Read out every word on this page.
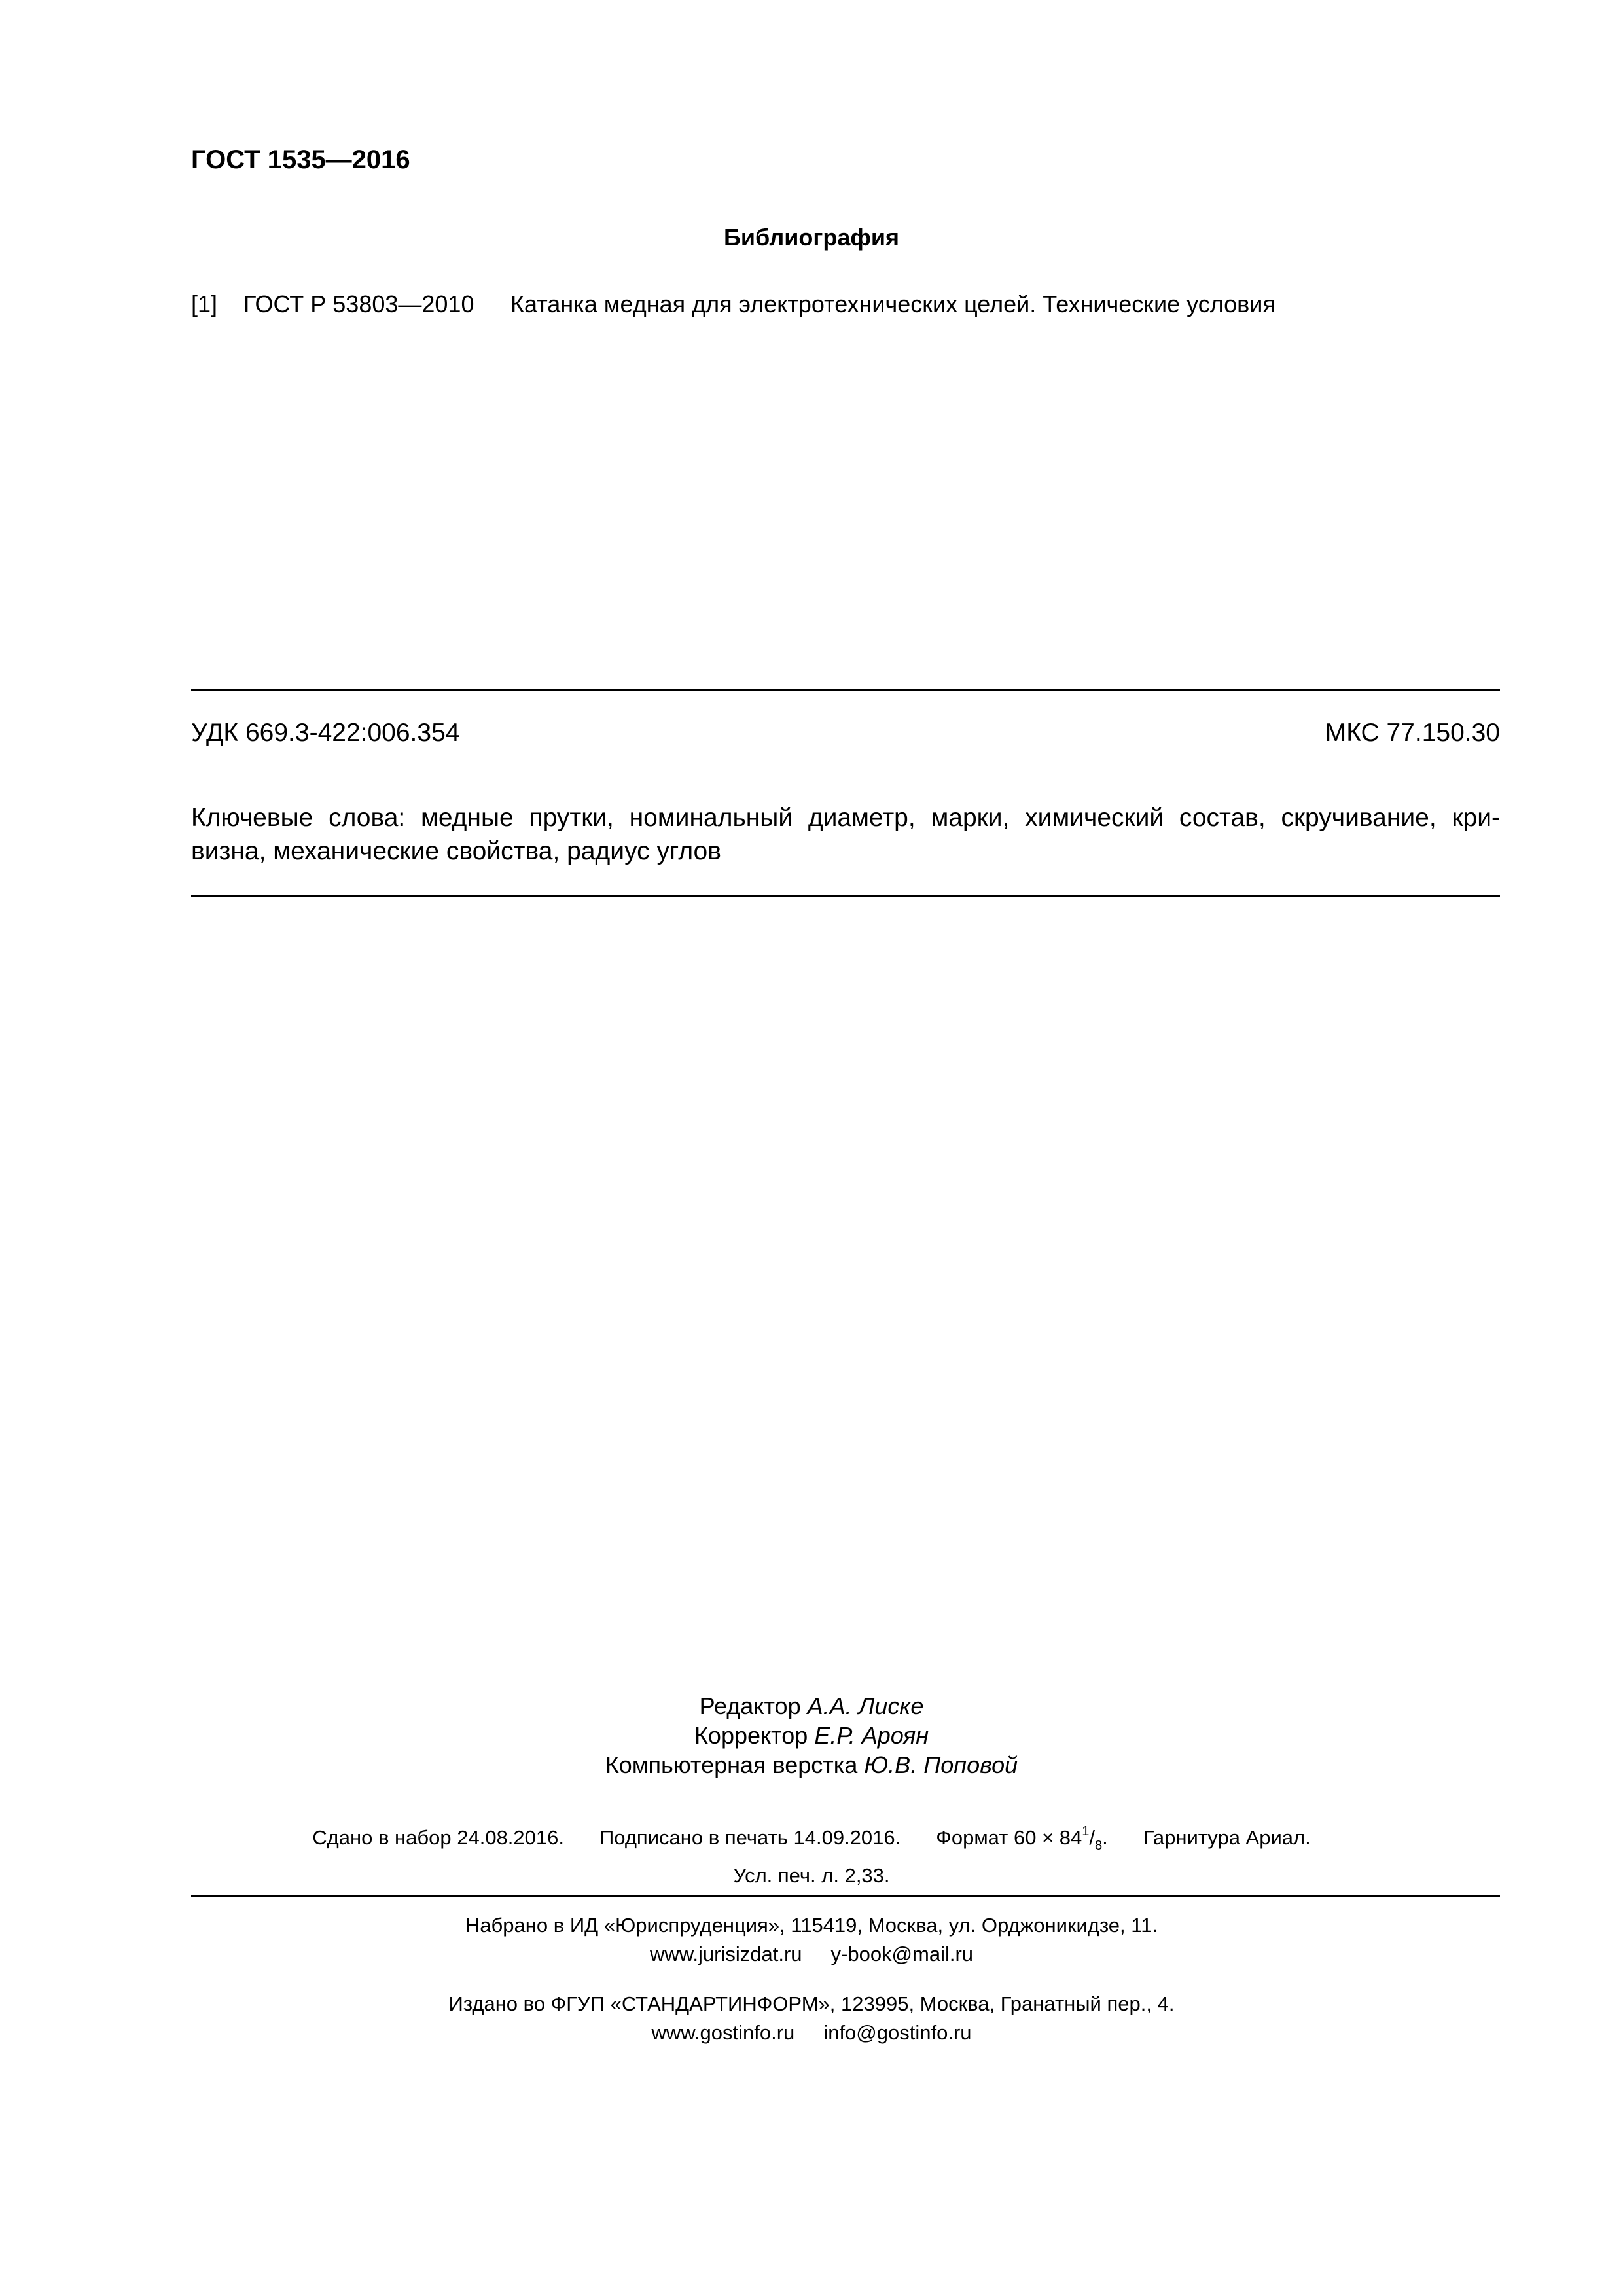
ГОСТ 1535—2016
Библиография
[1] ГОСТ Р 53803—2010 Катанка медная для электротехнических целей. Технические условия
УДК 669.3-422:006.354	МКС 77.150.30
Ключевые слова: медные прутки, номинальный диаметр, марки, химический состав, скручивание, кри-
визна, механические свойства, радиус углов
Редактор А.А. Лиске
Корректор Е.Р. Ароян
Компьютерная верстка Ю.В. Поповой
Сдано в набор 24.08.2016. Подписано в печать 14.09.2016. Формат $60 \times 84^1/_8$. Гарнитура Ариал.
Усл. печ. л. 2,33.
Набрано в ИД «Юриспруденция», 115419, Москва, ул. Орджоникидзе, 11.
www.jurisizdat.ru y-book@mail.ru
Издано во ФГУП «СТАНДАРТИНФОРМ», 123995, Москва, Гранатный пер., 4.
www.gostinfo.ru info@gostinfo.ru
